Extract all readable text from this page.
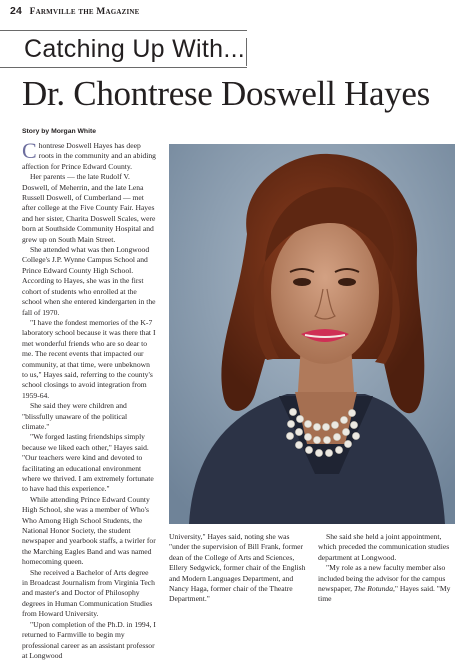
24 Farmville the Magazine
Catching Up With...
Dr. Chontrese Doswell Hayes
Story by Morgan White

Chontrese Doswell Hayes has deep roots in the community and an abiding affection for Prince Edward County.

Her parents — the late Rudolf V. Doswell, of Meherrin, and the late Lena Russell Doswell, of Cumberland — met after college at the Five County Fair. Hayes and her sister, Charita Doswell Scales, were born at Southside Community Hospital and grew up on South Main Street.

She attended what was then Longwood College's J.P. Wynne Campus School and Prince Edward County High School. According to Hayes, she was in the first cohort of students who enrolled at the school when she entered kindergarten in the fall of 1970.

"I have the fondest memories of the K-7 laboratory school because it was there that I met wonderful friends who are so dear to me. The recent events that impacted our community, at that time, were unbeknown to us," Hayes said, referring to the county's school closings to avoid integration from 1959-64.

She said they were children and "blissfully unaware of the political climate."

"We forged lasting friendships simply because we liked each other," Hayes said. "Our teachers were kind and devoted to facilitating an educational environment where we thrived. I am extremely fortunate to have had this experience."

While attending Prince Edward County High School, she was a member of Who's Who Among High School Students, the National Honor Society, the student newspaper and yearbook staffs, a twirler for the Marching Eagles Band and was named homecoming queen.

She received a Bachelor of Arts degree in Broadcast Journalism from Virginia Tech and master's and Doctor of Philosophy degrees in Human Communication Studies from Howard University.

"Upon completion of the Ph.D. in 1994, I returned to Farmville to begin my professional career as an assistant professor at Longwood

University," Hayes said, noting she was "under the supervision of Bill Frank, former dean of the College of Arts and Sciences, Ellery Sedgwick, former chair of the English and Modern Languages Department, and Nancy Haga, former chair of the Theatre Department."

She said she held a joint appointment, which preceded the communication studies department at Longwood.

"My role as a new faculty member also included being the advisor for the campus newspaper, The Rotunda," Hayes said. "My time
